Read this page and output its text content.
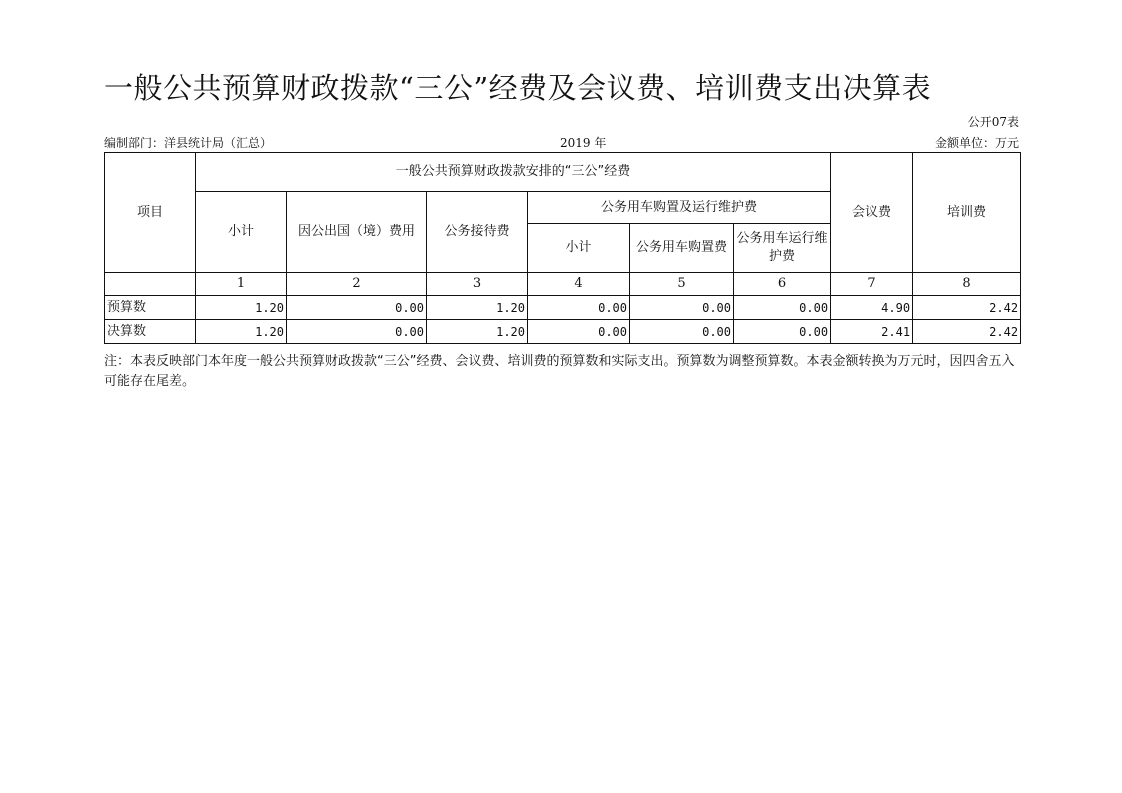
一般公共预算财政拨款“三公”经费及会议费、培训费支出决算表
公开07表
编制部门：洋县统计局（汇总）	2019 年	金额单位：万元
项目	一般公共预算财政拨款安排的“三公”经费						会议费	培训费
	小计	因公出国（境）费用	公务接待费	公务用车购置及运行维护费				
				小计	公务用车购置费	公务用车运行维护费		
	1	2	3	4	5	6	7	8
预算数	1.20	0.00	1.20	0.00	0.00	0.00	4.90	2.42
决算数	1.20	0.00	1.20	0.00	0.00	0.00	2.41	2.42
注：本表反映部门本年度一般公共预算财政拨款“三公”经费、会议费、培训费的预算数和实际支出。预算数为调整预算数。本表金额转换为万元时，因四舍五入可能存在尾差。
